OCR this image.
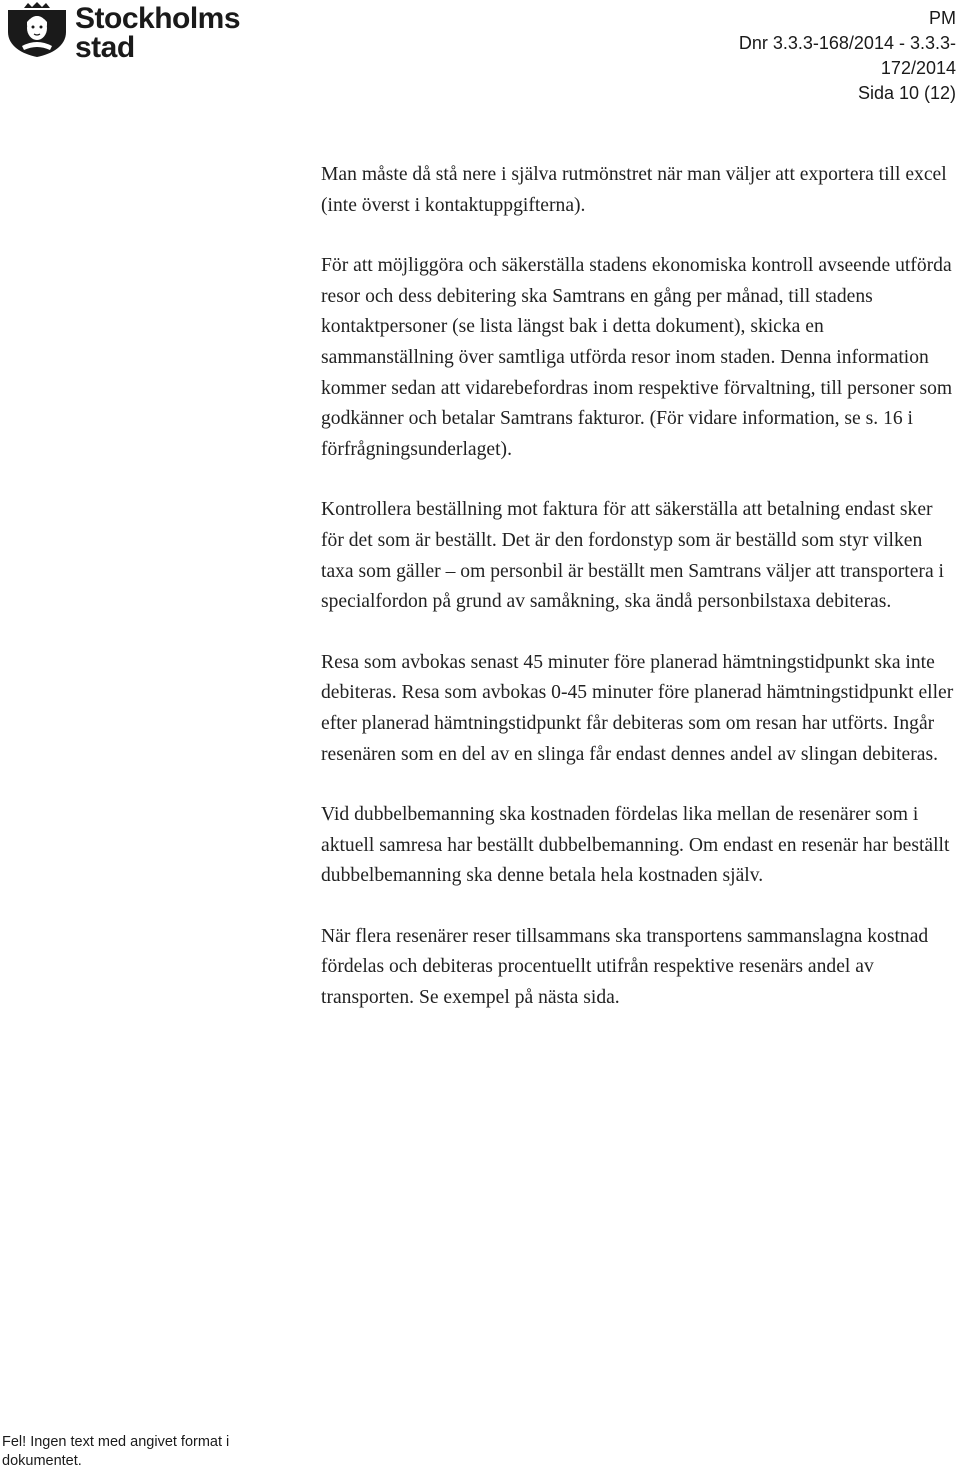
Stockholms
stad
PM
Dnr 3.3.3-168/2014 - 3.3.3-
172/2014
Sida 10 (12)

Man måste då stå nere i själva rutmönstret när man väljer att exportera till excel (inte överst i kontaktuppgifterna).

För att möjliggöra och säkerställa stadens ekonomiska kontroll avseende utförda resor och dess debitering ska Samtrans en gång per månad, till stadens kontaktpersoner (se lista längst bak i detta dokument), skicka en sammanställning över samtliga utförda resor inom staden. Denna information kommer sedan att vidarebefordras inom respektive förvaltning, till personer som godkänner och betalar Samtrans fakturor. (För vidare information, se s. 16 i förfrågningsunderlaget).

Kontrollera beställning mot faktura för att säkerställa att betalning endast sker för det som är beställt. Det är den fordonstyp som är beställd som styr vilken taxa som gäller – om personbil är beställt men Samtrans väljer att transportera i specialfordon på grund av samåkning, ska ändå personbilstaxa debiteras.

Resa som avbokas senast 45 minuter före planerad hämtningstidpunkt ska inte debiteras. Resa som avbokas 0-45 minuter före planerad hämtningstidpunkt eller efter planerad hämtningstidpunkt får debiteras som om resan har utförts. Ingår resenären som en del av en slinga får endast dennes andel av slingan debiteras.

Vid dubbelbemanning ska kostnaden fördelas lika mellan de resenärer som i aktuell samresa har beställt dubbelbemanning. Om endast en resenär har beställt dubbelbemanning ska denne betala hela kostnaden själv.

När flera resenärer reser tillsammans ska transportens sammanslagna kostnad fördelas och debiteras procentuellt utifrån respektive resenärs andel av transporten. Se exempel på nästa sida.

Fel! Ingen text med angivet format i dokumentet.
